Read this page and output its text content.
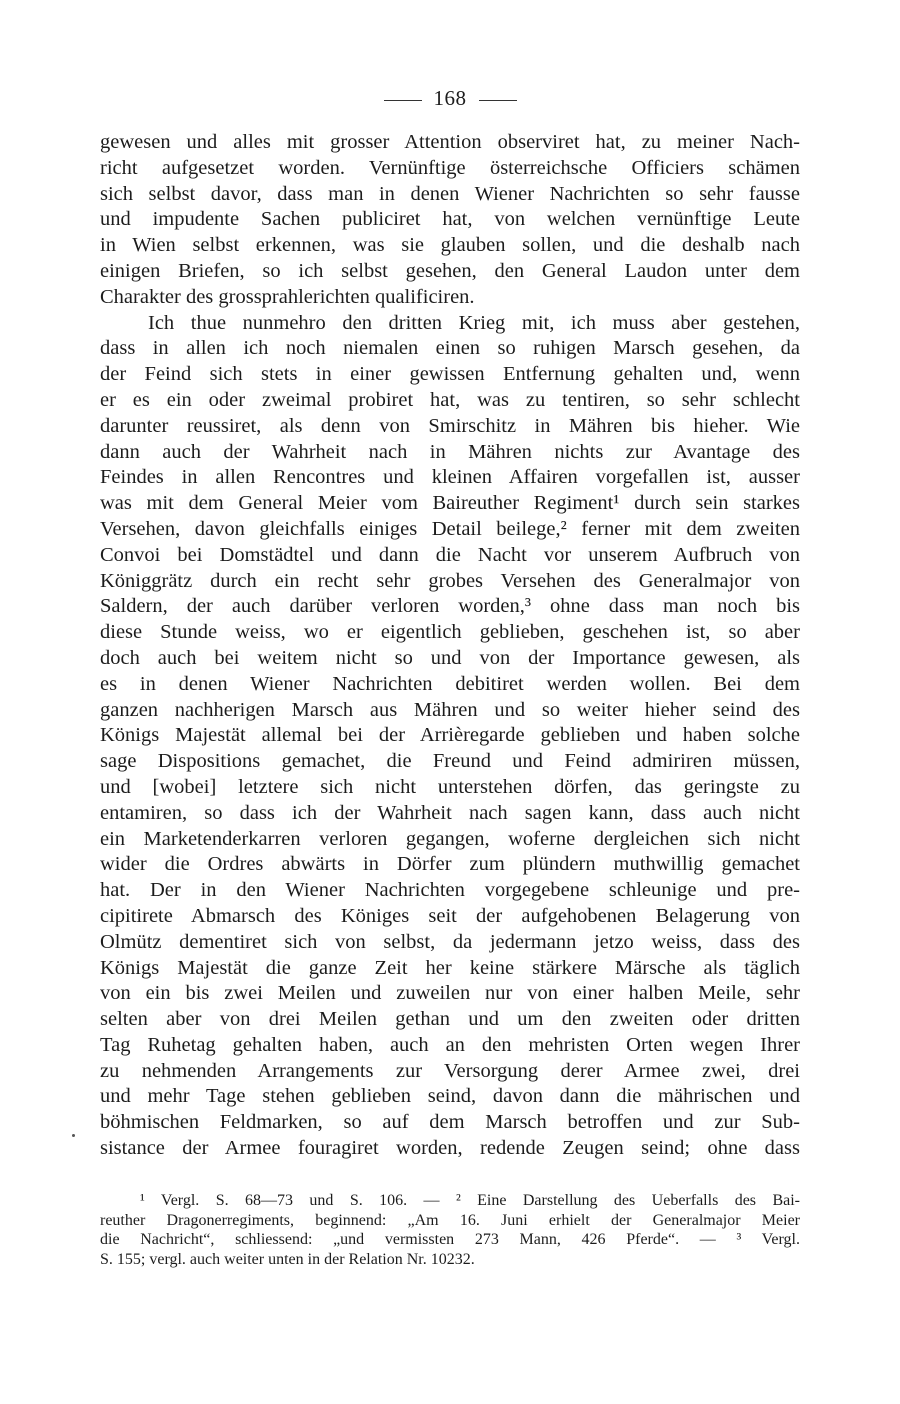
168
gewesen und alles mit grosser Attention observiret hat, zu meiner Nach-
richt aufgesetzet worden. Vernünftige österreichsche Officiers schämen
sich selbst davor, dass man in denen Wiener Nachrichten so sehr fausse
und impudente Sachen publiciret hat, von welchen vernünftige Leute
in Wien selbst erkennen, was sie glauben sollen, und die deshalb nach
einigen Briefen, so ich selbst gesehen, den General Laudon unter dem
Charakter des grossprahlerichten qualificiren.
Ich thue nunmehro den dritten Krieg mit, ich muss aber gestehen,
dass in allen ich noch niemalen einen so ruhigen Marsch gesehen, da
der Feind sich stets in einer gewissen Entfernung gehalten und, wenn
er es ein oder zweimal probiret hat, was zu tentiren, so sehr schlecht
darunter reussiret, als denn von Smirschitz in Mähren bis hieher. Wie
dann auch der Wahrheit nach in Mähren nichts zur Avantage des
Feindes in allen Rencontres und kleinen Affairen vorgefallen ist, ausser
was mit dem General Meier vom Baireuther Regiment¹ durch sein starkes
Versehen, davon gleichfalls einiges Detail beilege,² ferner mit dem zweiten
Convoi bei Domstädtel und dann die Nacht vor unserem Aufbruch von
Königgrätz durch ein recht sehr grobes Versehen des Generalmajor von
Saldern, der auch darüber verloren worden,³ ohne dass man noch bis
diese Stunde weiss, wo er eigentlich geblieben, geschehen ist, so aber
doch auch bei weitem nicht so und von der Importance gewesen, als
es in denen Wiener Nachrichten debitiret werden wollen. Bei dem
ganzen nachherigen Marsch aus Mähren und so weiter hieher seind des
Königs Majestät allemal bei der Arrièregarde geblieben und haben solche
sage Dispositions gemachet, die Freund und Feind admiriren müssen,
und [wobei] letztere sich nicht unterstehen dörfen, das geringste zu
entamiren, so dass ich der Wahrheit nach sagen kann, dass auch nicht
ein Marketenderkarren verloren gegangen, woferne dergleichen sich nicht
wider die Ordres abwärts in Dörfer zum plündern muthwillig gemachet
hat. Der in den Wiener Nachrichten vorgegebene schleunige und pre-
cipitirete Abmarsch des Königes seit der aufgehobenen Belagerung von
Olmütz dementiret sich von selbst, da jedermann jetzo weiss, dass des
Königs Majestät die ganze Zeit her keine stärkere Märsche als täglich
von ein bis zwei Meilen und zuweilen nur von einer halben Meile, sehr
selten aber von drei Meilen gethan und um den zweiten oder dritten
Tag Ruhetag gehalten haben, auch an den mehristen Orten wegen Ihrer
zu nehmenden Arrangements zur Versorgung derer Armee zwei, drei
und mehr Tage stehen geblieben seind, davon dann die mährischen und
böhmischen Feldmarken, so auf dem Marsch betroffen und zur Sub-
sistance der Armee fouragiret worden, redende Zeugen seind; ohne dass
¹ Vergl. S. 68—73 und S. 106. — ² Eine Darstellung des Ueberfalls des Bai-
reuther Dragonerregiments, beginnend: „Am 16. Juni erhielt der Generalmajor Meier
die Nachricht“, schliessend: „und vermissten 273 Mann, 426 Pferde“. — ³ Vergl.
S. 155; vergl. auch weiter unten in der Relation Nr. 10232.
